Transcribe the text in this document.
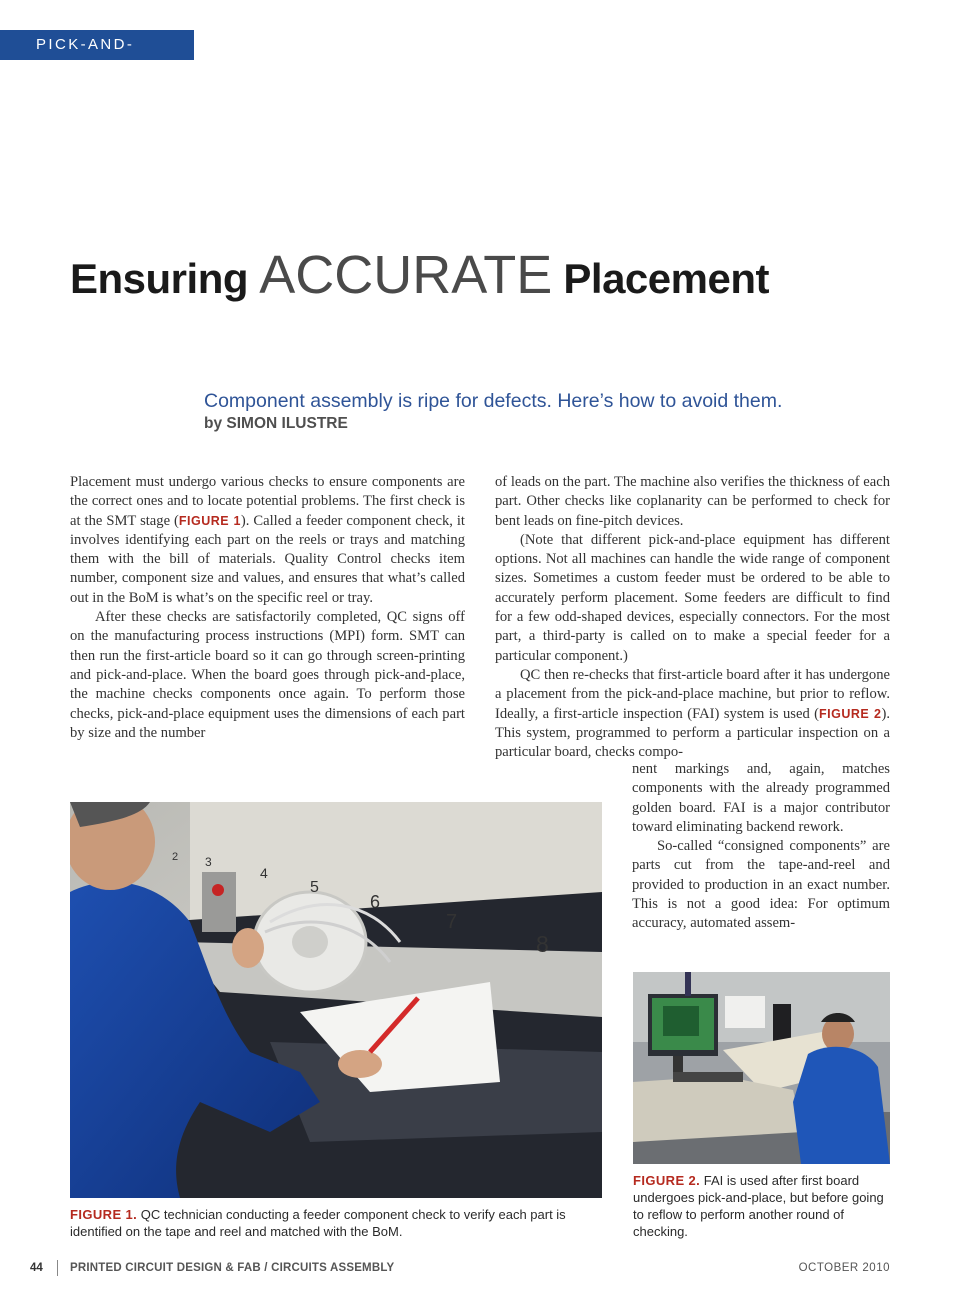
PICK-AND-PLACE
Ensuring ACCURATE Placement
Component assembly is ripe for defects. Here’s how to avoid them.
by SIMON ILUSTRE

Placement must undergo various checks to ensure components are the correct ones and to locate potential problems. The first check is at the SMT stage (FIGURE 1). Called a feeder component check, it involves identifying each part on the reels or trays and matching them with the bill of materials. Quality Control checks item number, component size and values, and ensures that what’s called out in the BoM is what’s on the specific reel or tray.

After these checks are satisfactorily completed, QC signs off on the manufacturing process instructions (MPI) form. SMT can then run the first-article board so it can go through screen-printing and pick-and-place. When the board goes through pick-and-place, the machine checks components once again. To perform those checks, pick-and-place equipment uses the dimensions of each part by size and the number

of leads on the part. The machine also verifies the thickness of each part. Other checks like coplanarity can be performed to check for bent leads on fine-pitch devices.

(Note that different pick-and-place equipment has different options. Not all machines can handle the wide range of component sizes. Sometimes a custom feeder must be ordered to be able to accurately perform placement. Some feeders are difficult to find for a few odd-shaped devices, especially connectors. For the most part, a third-party is called on to make a special feeder for a particular component.)

QC then re-checks that first-article board after it has undergone a placement from the pick-and-place machine, but prior to reflow. Ideally, a first-article inspection (FAI) system is used (FIGURE 2). This system, programmed to perform a particular inspection on a particular board, checks compo-

nent markings and, again, matches components with the already programmed golden board. FAI is a major contributor toward eliminating backend rework.

So-called “consigned components” are parts cut from the tape-and-reel and provided to production in an exact number. This is not a good idea: For optimum accuracy, automated assem-

2 3
4
5
6
7
8
FIGURE 1. QC technician conducting a feeder component check to verify each part is identified on the tape and reel and matched with the BoM.
FIGURE 2. FAI is used after first board undergoes pick-and-place, but before going to reflow to perform another round of checking.
44 PRINTED CIRCUIT DESIGN & FAB / CIRCUITS ASSEMBLY	OCTOBER 2010
